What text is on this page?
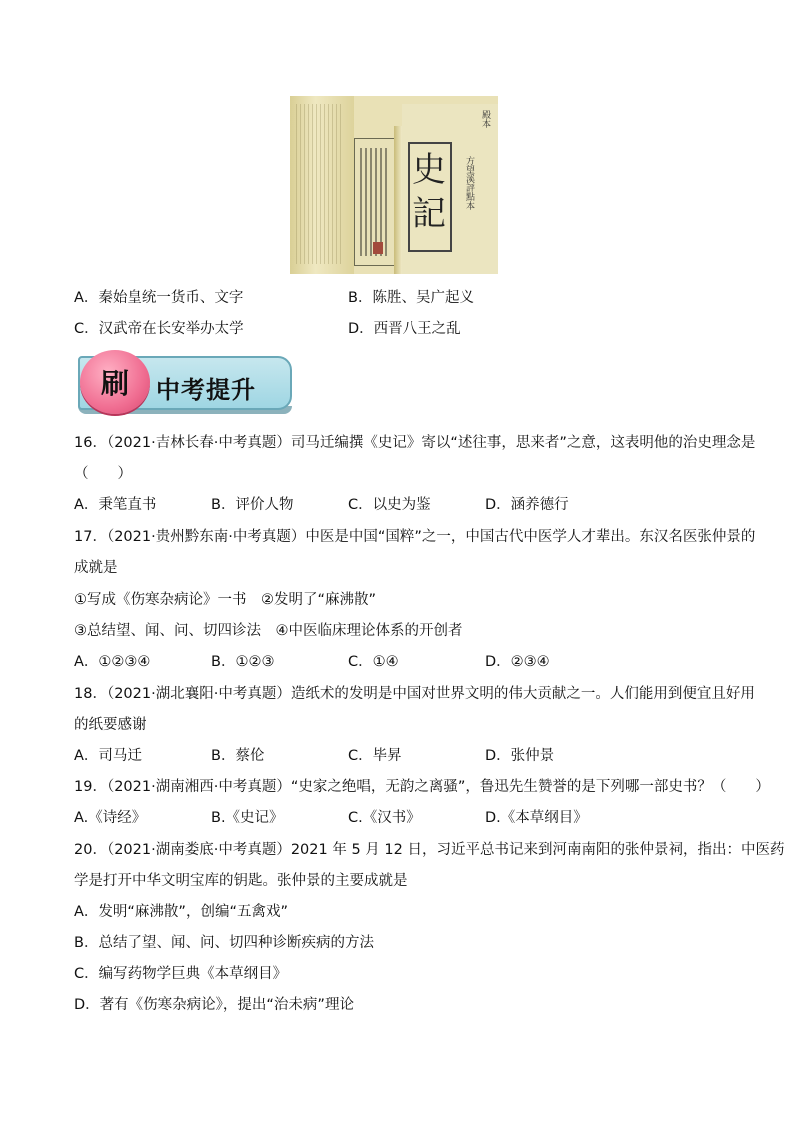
史
記
殿本
方望溪評點本
A．秦始皇统一货币、文字	B．陈胜、吴广起义
C．汉武帝在长安举办太学	D．西晋八王之乱
刷	中考提升
16．（2021·吉林长春·中考真题）司马迁编撰《史记》寄以“述往事，思来者”之意，这表明他的治史理念是
（　　）
A．秉笔直书	B．评价人物	C．以史为鉴	D．涵养德行
17．（2021·贵州黔东南·中考真题）中医是中国“国粹”之一，中国古代中医学人才辈出。东汉名医张仲景的
成就是
①写成《伤寒杂病论》一书　②发明了“麻沸散”
③总结望、闻、问、切四诊法　④中医临床理论体系的开创者
A．①②③④	B．①②③	C．①④	D．②③④
18．（2021·湖北襄阳·中考真题）造纸术的发明是中国对世界文明的伟大贡献之一。人们能用到便宜且好用
的纸要感谢
A．司马迁	B．蔡伦	C．毕昇	D．张仲景
19．（2021·湖南湘西·中考真题）“史家之绝唱，无韵之离骚”，鲁迅先生赞誉的是下列哪一部史书？（　　）
A.《诗经》	B.《史记》	C.《汉书》	D.《本草纲目》
20．（2021·湖南娄底·中考真题）2021 年 5 月 12 日，习近平总书记来到河南南阳的张仲景祠，指出：中医药
学是打开中华文明宝库的钥匙。张仲景的主要成就是
A．发明“麻沸散”，创编“五禽戏”
B．总结了望、闻、问、切四种诊断疾病的方法
C．编写药物学巨典《本草纲目》
D．著有《伤寒杂病论》，提出“治未病”理论
